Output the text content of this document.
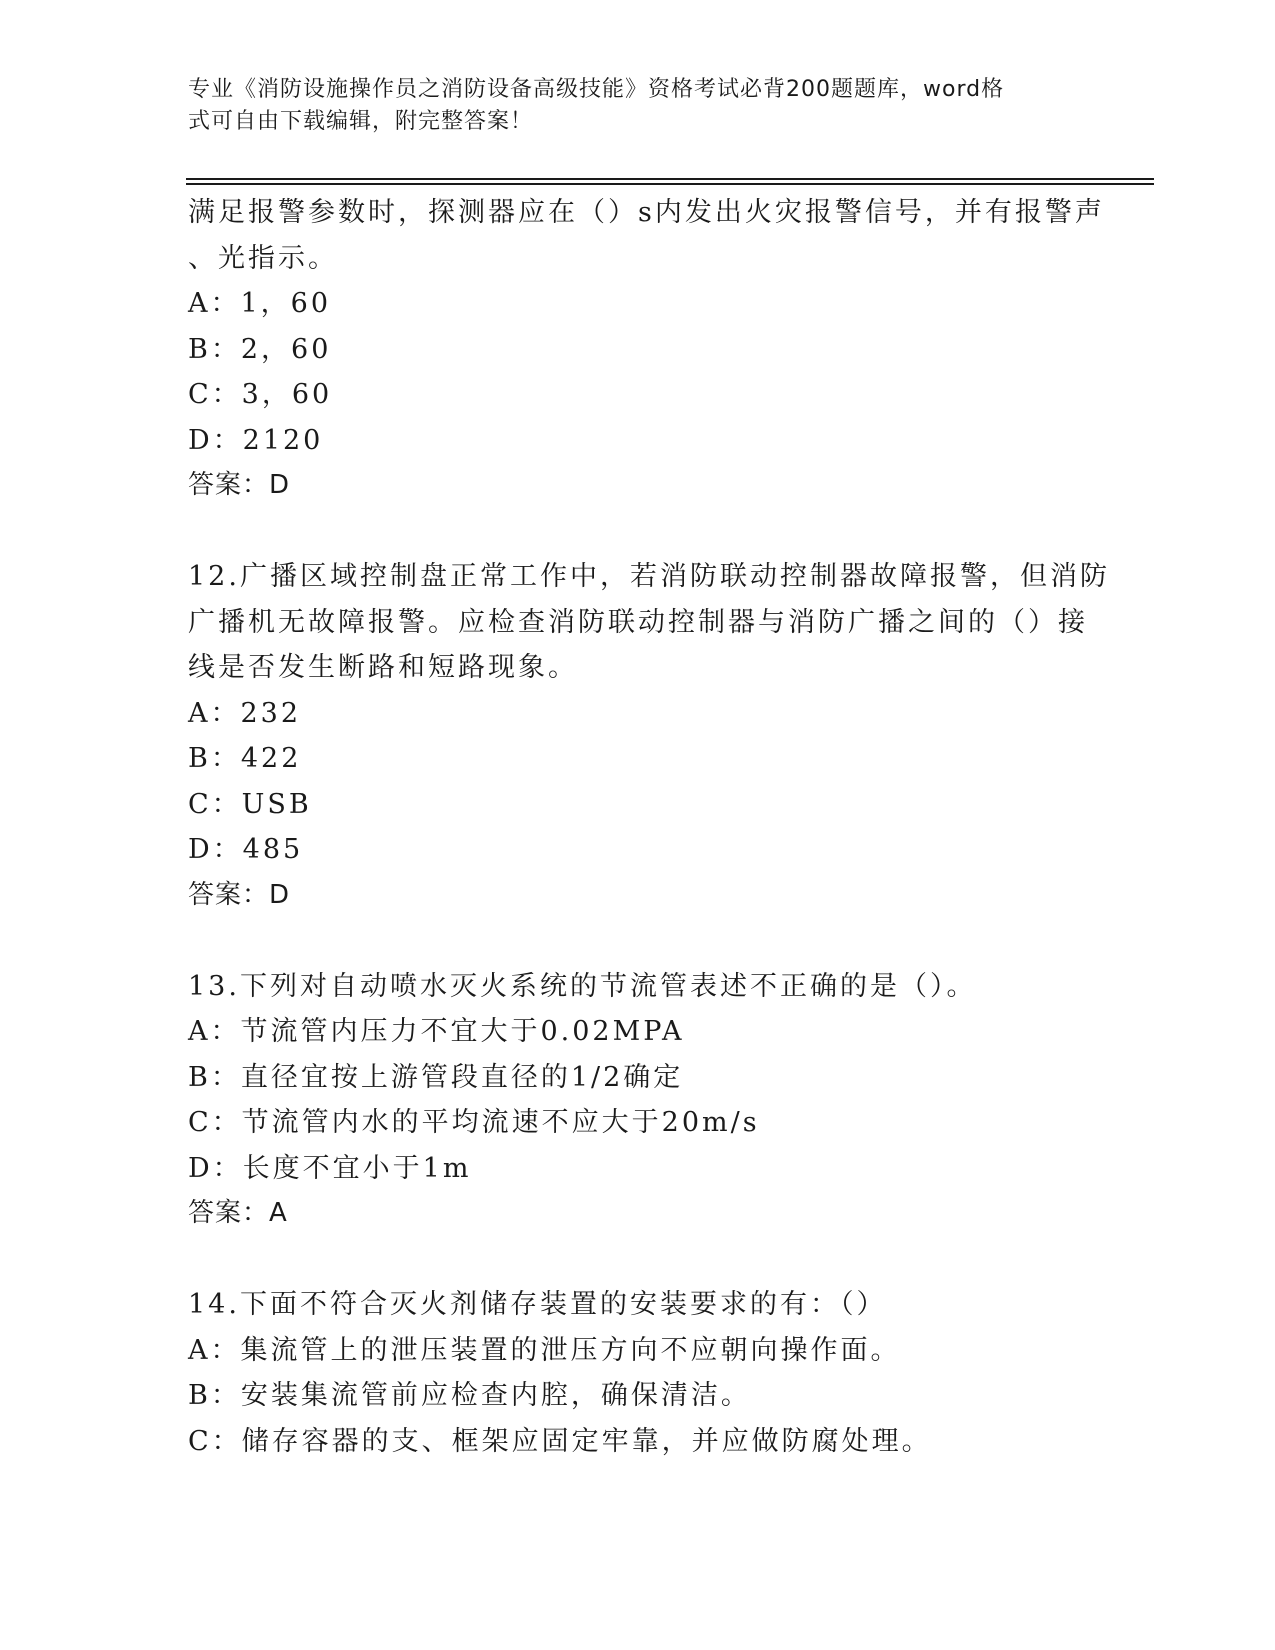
专业《消防设施操作员之消防设备高级技能》资格考试必背200题题库，word格
式可自由下载编辑，附完整答案！
满足报警参数时，探测器应在（）s内发出火灾报警信号，并有报警声
、光指示。
A：1，60
B：2，60
C：3，60
D：2120
答案：D
12.广播区域控制盘正常工作中，若消防联动控制器故障报警，但消防
广播机无故障报警。应检查消防联动控制器与消防广播之间的（）接
线是否发生断路和短路现象。
A：232
B：422
C：USB
D：485
答案：D
13.下列对自动喷水灭火系统的节流管表述不正确的是（）。
A：节流管内压力不宜大于0.02MPA
B：直径宜按上游管段直径的1/2确定
C：节流管内水的平均流速不应大于20m/s
D：长度不宜小于1m
答案：A
14.下面不符合灭火剂储存装置的安装要求的有：（）
A：集流管上的泄压装置的泄压方向不应朝向操作面。
B：安装集流管前应检查内腔，确保清洁。
C：储存容器的支、框架应固定牢靠，并应做防腐处理。
